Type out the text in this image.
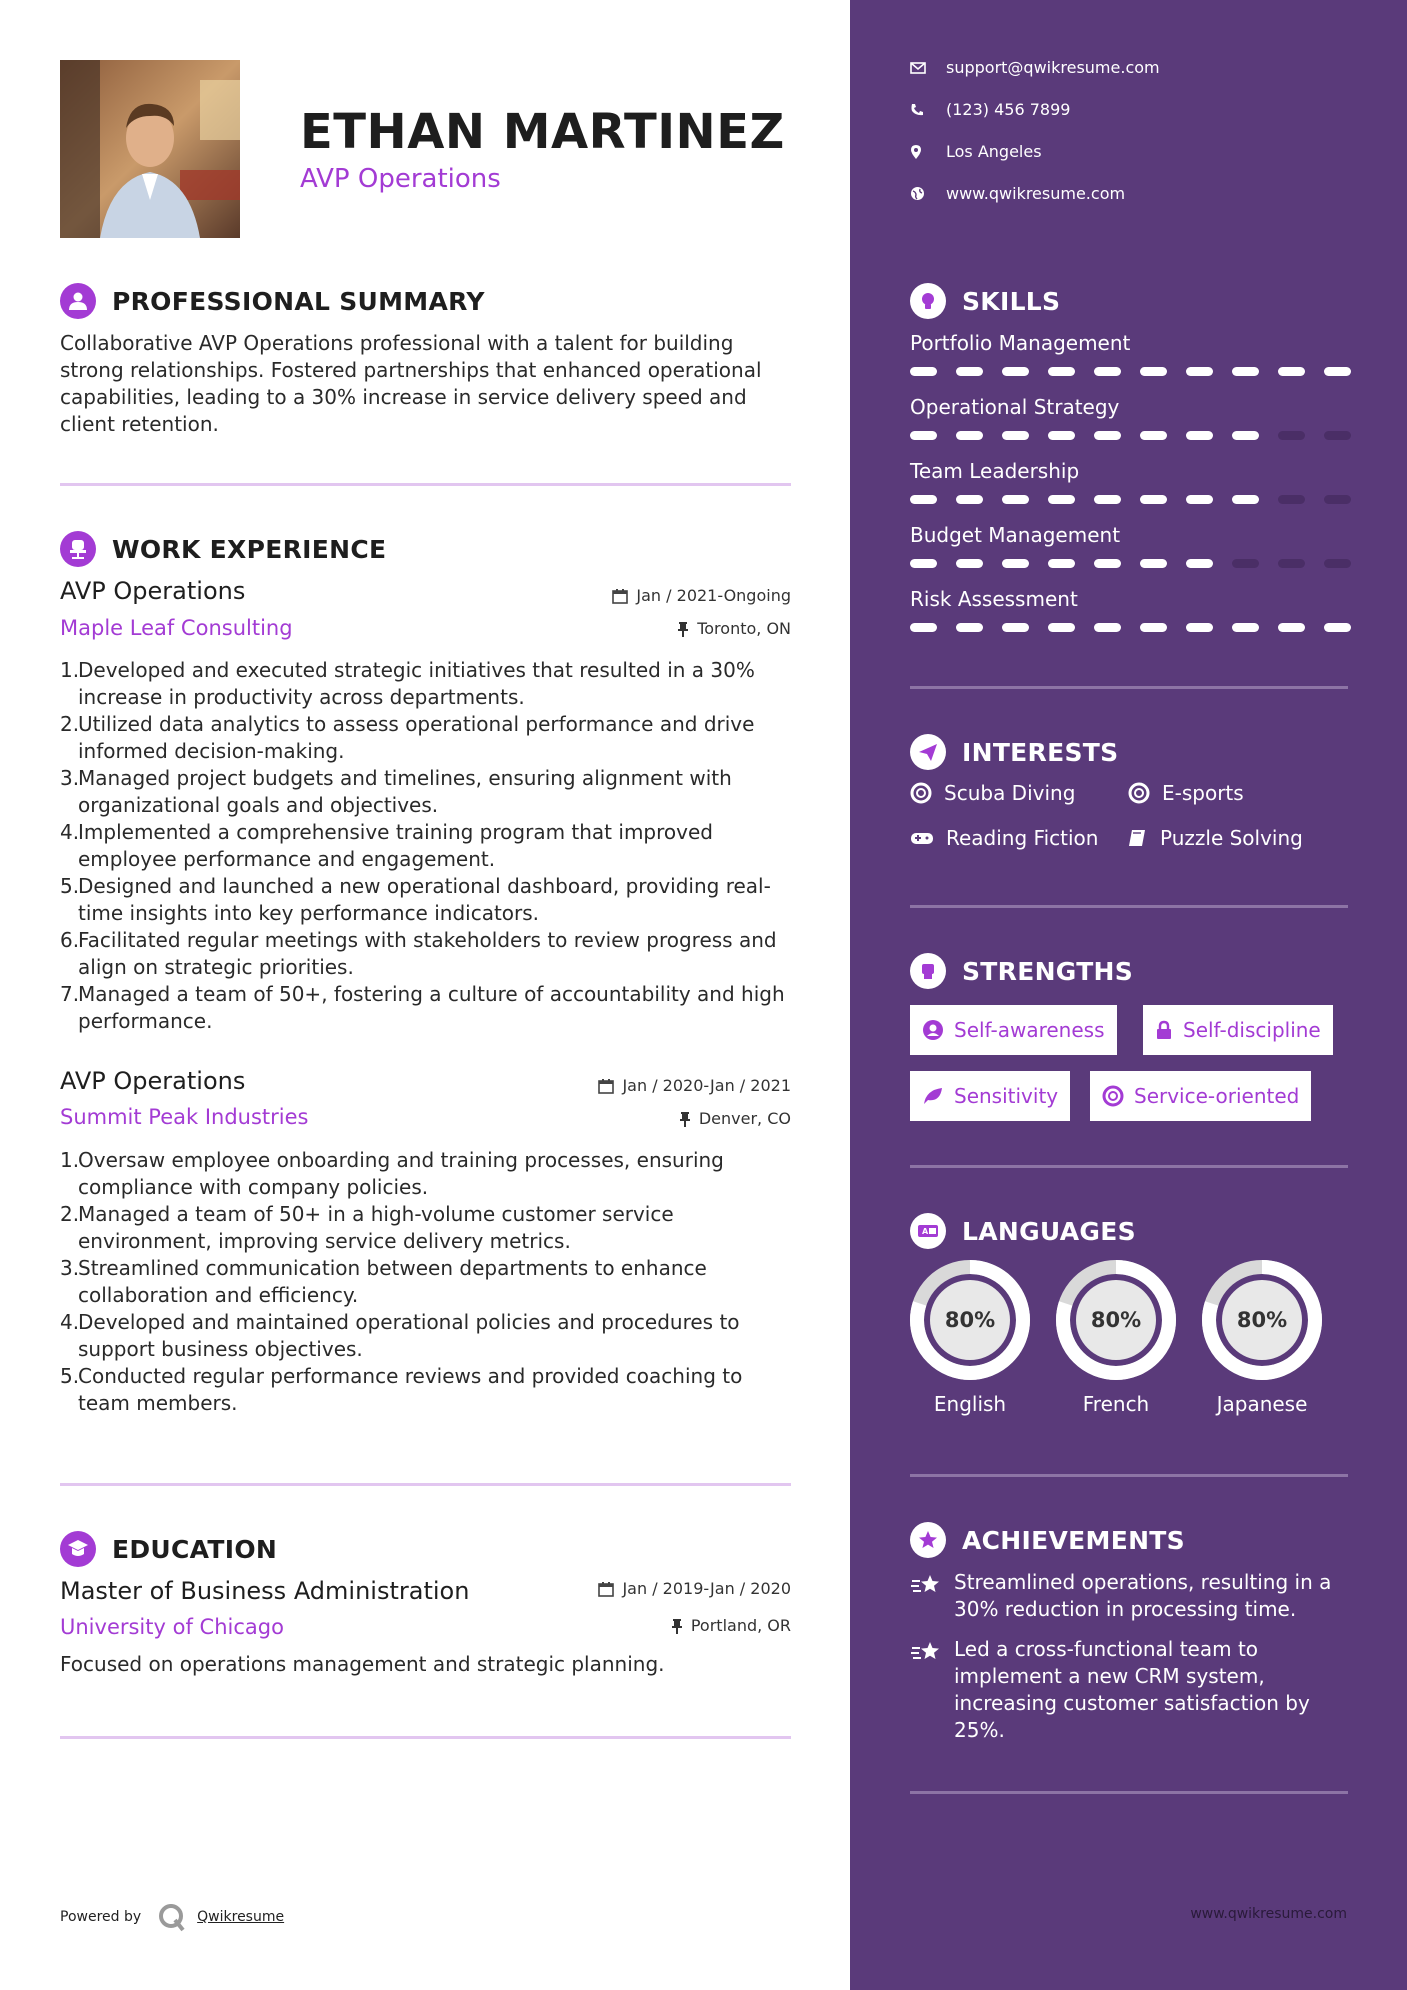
ETHAN MARTINEZ
AVP Operations
PROFESSIONAL SUMMARY
Collaborative AVP Operations professional with a talent for building strong relationships. Fostered partnerships that enhanced operational capabilities, leading to a 30% increase in service delivery speed and client retention.
WORK EXPERIENCE
AVP Operations	Jan / 2021-Ongoing
Maple Leaf Consulting	Toronto, ON
1.
Developed and executed strategic initiatives that resulted in a 30% increase in productivity across departments.
2.
Utilized data analytics to assess operational performance and drive informed decision-making.
3.
Managed project budgets and timelines, ensuring alignment with organizational goals and objectives.
4.
Implemented a comprehensive training program that improved employee performance and engagement.
5.
Designed and launched a new operational dashboard, providing real-time insights into key performance indicators.
6.
Facilitated regular meetings with stakeholders to review progress and align on strategic priorities.
7.
Managed a team of 50+, fostering a culture of accountability and high performance.
AVP Operations	Jan / 2020-Jan / 2021
Summit Peak Industries	Denver, CO
1.
Oversaw employee onboarding and training processes, ensuring compliance with company policies.
2.
Managed a team of 50+ in a high-volume customer service environment, improving service delivery metrics.
3.
Streamlined communication between departments to enhance collaboration and efficiency.
4.
Developed and maintained operational policies and procedures to support business objectives.
5.
Conducted regular performance reviews and provided coaching to team members.
EDUCATION
Master of Business Administration	Jan / 2019-Jan / 2020
University of Chicago	Portland, OR
Focused on operations management and strategic planning.
Powered by	Qwikresume
support@qwikresume.com
(123) 456 7899
Los Angeles
www.qwikresume.com
SKILLS
Portfolio Management
Operational Strategy
Team Leadership
Budget Management
Risk Assessment
INTERESTS
Scuba Diving	E-sports
Reading Fiction	Puzzle Solving
STRENGTHS
Self-awareness	Self-discipline
Sensitivity	Service-oriented
A LANGUAGES
80%
English
80%
French
80%
Japanese
ACHIEVEMENTS
Streamlined operations, resulting in a 30% reduction in processing time.
Led a cross-functional team to implement a new CRM system, increasing customer satisfaction by 25%.
www.qwikresume.com
